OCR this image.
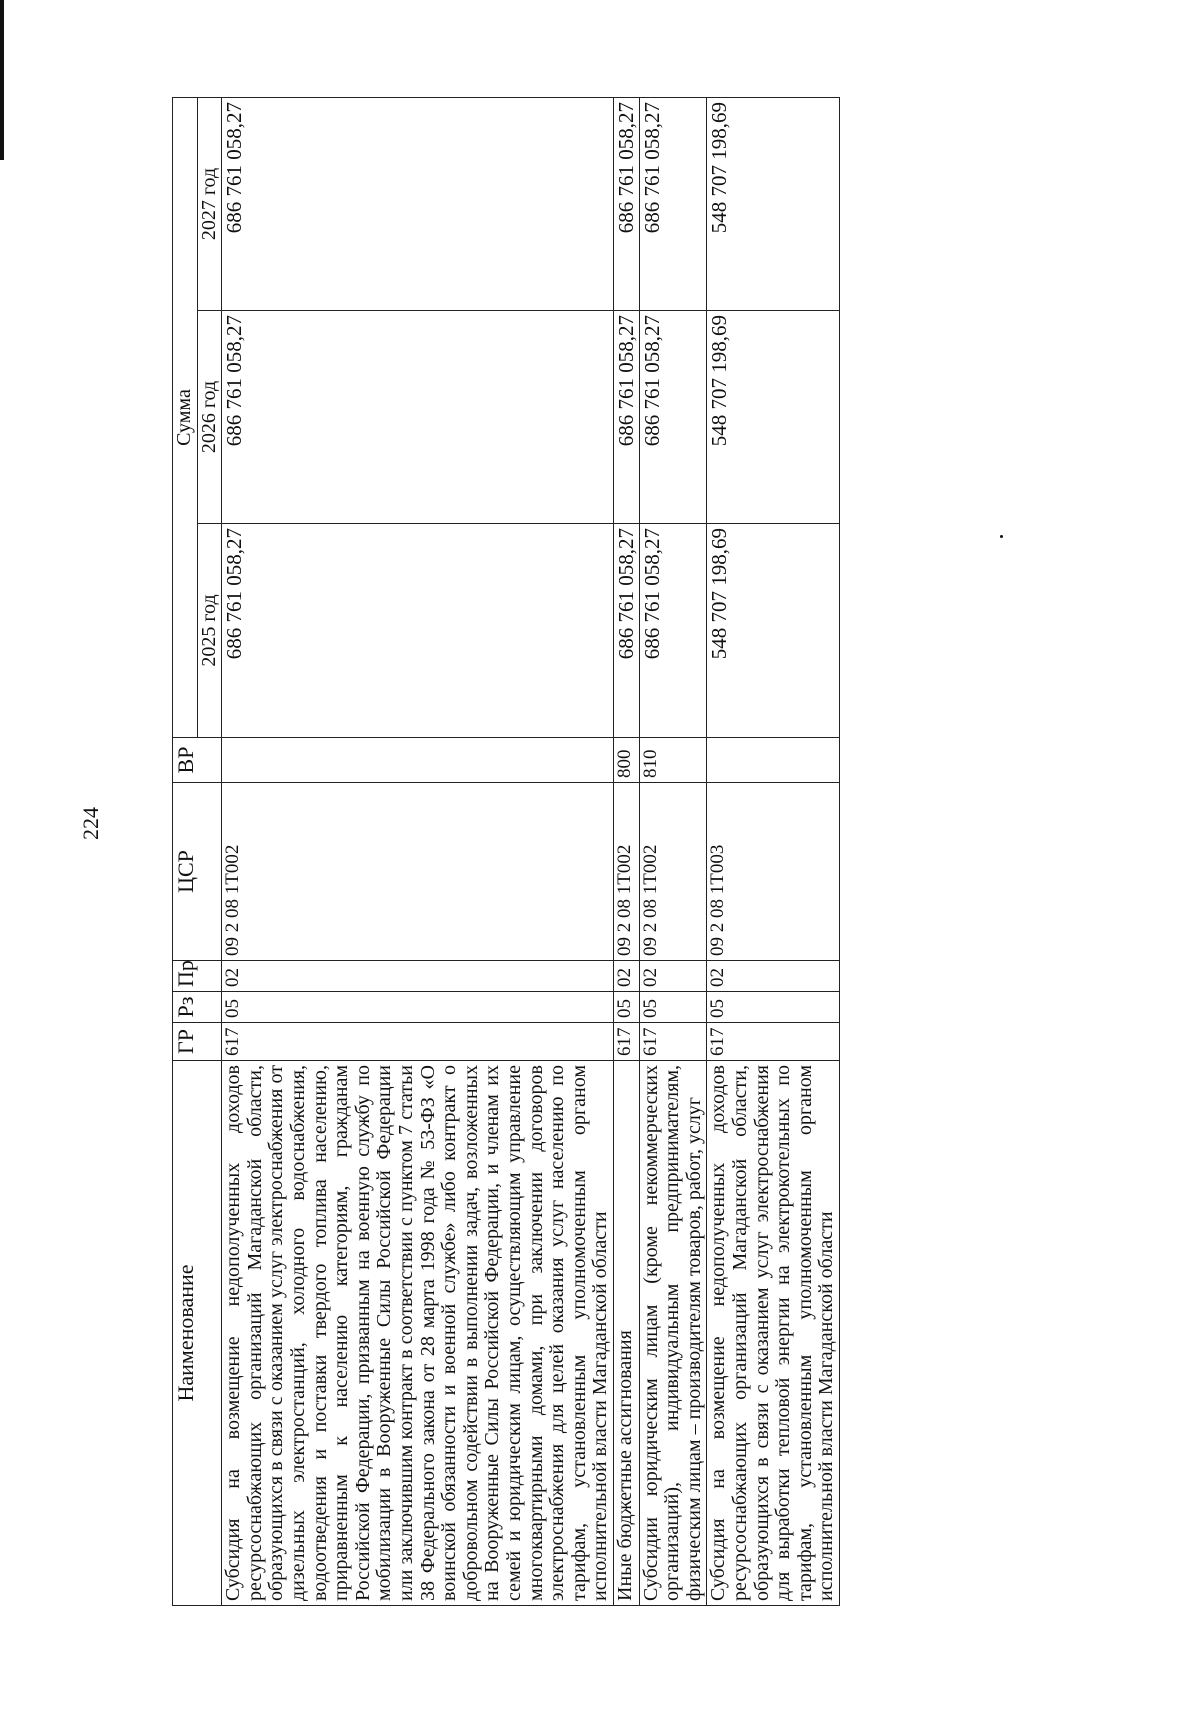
224
Наименование	ГР	Рз	Пр	ЦСР	ВР	Сумма		
						2025 год	2026 год	2027 год
Субсидия на возмещение недополученных доходов ресурсоснабжающих организаций Магаданской области, образующихся в связи с оказанием услуг электроснабжения от дизельных электростанций, холодного водоснабжения, водоотведения и поставки твердого топлива населению, приравненным к населению категориям, гражданам Российской Федерации, призванным на военную службу по мобилизации в Вооруженные Силы Российской Федерации или заключившим контракт в соответствии с пунктом 7 статьи 38 Федерального закона от 28 марта 1998 года № 53-ФЗ «О воинской обязанности и военной службе» либо контракт о добровольном содействии в выполнении задач, возложенных на Вооруженные Силы Российской Федерации, и членам их семей и юридическим лицам, осуществляющим управление многоквартирными домами, при заключении договоров электроснабжения для целей оказания услуг населению по тарифам, установленным уполномоченным органом исполнительной власти Магаданской области	617	05	02	09 2 08 1Т002		686 761 058,27	686 761 058,27	686 761 058,27
Иные бюджетные ассигнования	617	05	02	09 2 08 1Т002	800	686 761 058,27	686 761 058,27	686 761 058,27
Субсидии юридическим лицам (кроме некоммерческих организаций), индивидуальным предпринимателям, физическим лицам – производителям товаров, работ, услуг	617	05	02	09 2 08 1Т002	810	686 761 058,27	686 761 058,27	686 761 058,27
Субсидия на возмещение недополученных доходов ресурсоснабжающих организаций Магаданской области, образующихся в связи с оказанием услуг электроснабжения для выработки тепловой энергии на электрокотельных по тарифам, установленным уполномоченным органом исполнительной власти Магаданской области	617	05	02	09 2 08 1Т003		548 707 198,69	548 707 198,69	548 707 198,69
